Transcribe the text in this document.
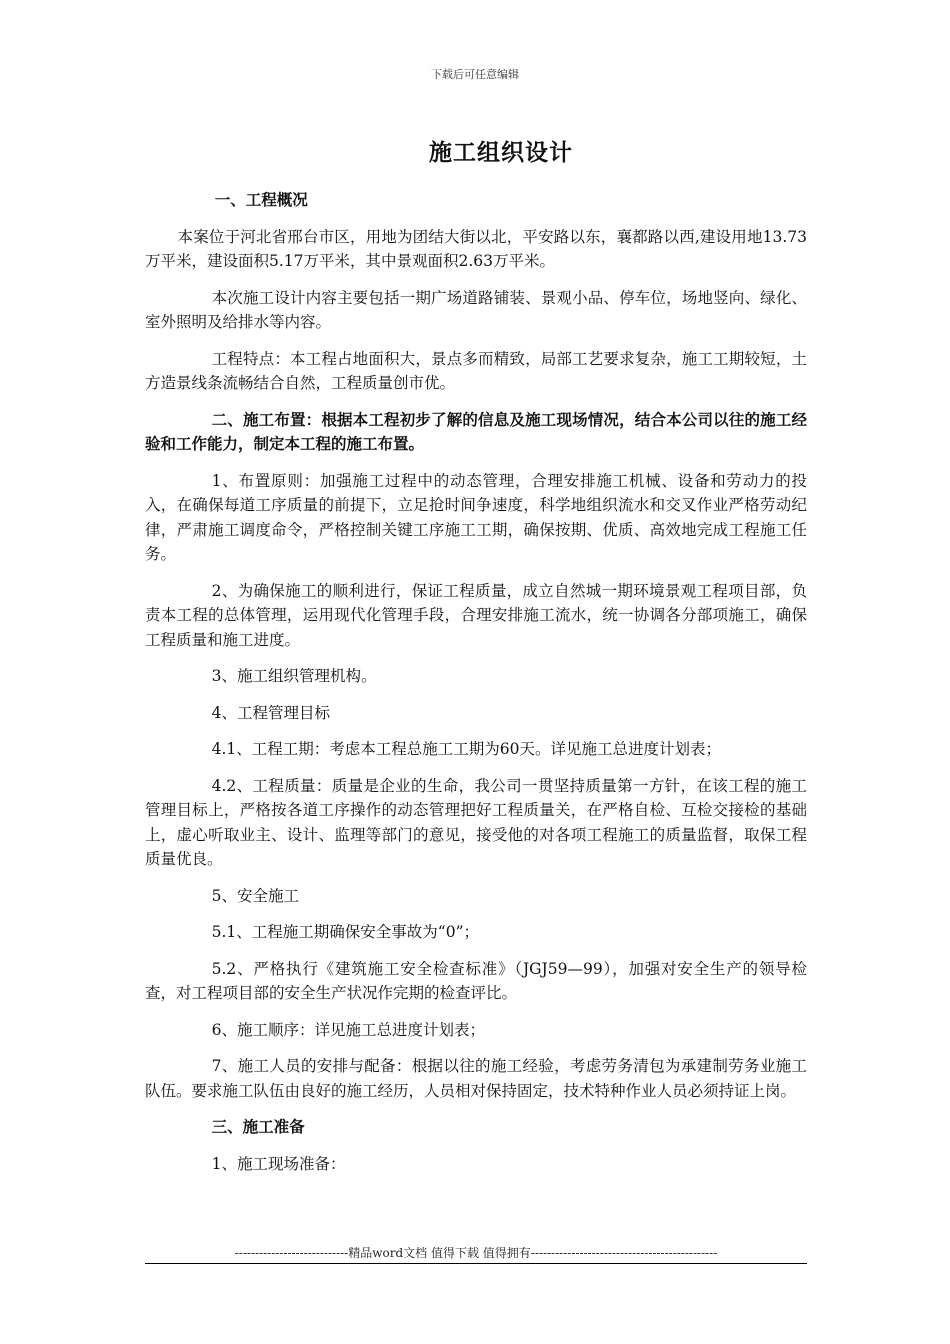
下载后可任意编辑
施工组织设计
一、工程概况

本案位于河北省邢台市区，用地为团结大街以北，平安路以东，襄都路以西,建设用地13.73万平米，建设面积5.17万平米，其中景观面积2.63万平米。

本次施工设计内容主要包括一期广场道路铺装、景观小品、停车位，场地竖向、绿化、室外照明及给排水等内容。

工程特点：本工程占地面积大，景点多而精致，局部工艺要求复杂，施工工期较短，土方造景线条流畅结合自然，工程质量创市优。

二、施工布置：根据本工程初步了解的信息及施工现场情况，结合本公司以往的施工经验和工作能力，制定本工程的施工布置。

1、布置原则：加强施工过程中的动态管理，合理安排施工机械、设备和劳动力的投入，在确保每道工序质量的前提下，立足抢时间争速度，科学地组织流水和交叉作业严格劳动纪律，严肃施工调度命令，严格控制关键工序施工工期，确保按期、优质、高效地完成工程施工任务。

2、为确保施工的顺利进行，保证工程质量，成立自然城一期环境景观工程项目部，负责本工程的总体管理，运用现代化管理手段，合理安排施工流水，统一协调各分部项施工，确保工程质量和施工进度。

3、施工组织管理机构。

4、工程管理目标

4.1、工程工期：考虑本工程总施工工期为60天。详见施工总进度计划表；

4.2、工程质量：质量是企业的生命，我公司一贯坚持质量第一方针，在该工程的施工管理目标上，严格按各道工序操作的动态管理把好工程质量关，在严格自检、互检交接检的基础上，虚心听取业主、设计、监理等部门的意见，接受他的对各项工程施工的质量监督，取保工程质量优良。

5、安全施工

5.1、工程施工期确保安全事故为“0”；

5.2、严格执行《建筑施工安全检查标准》（JGJ59—99），加强对安全生产的领导检查，对工程项目部的安全生产状况作完期的检查评比。

6、施工顺序：详见施工总进度计划表；

7、施工人员的安排与配备：根据以往的施工经验，考虑劳务清包为承建制劳务业施工队伍。要求施工队伍由良好的施工经历，人员相对保持固定，技术特种作业人员必须持证上岗。

三、施工准备

1、施工现场准备：

----------------------------精品word文档 值得下载 值得拥有----------------------------------------------
